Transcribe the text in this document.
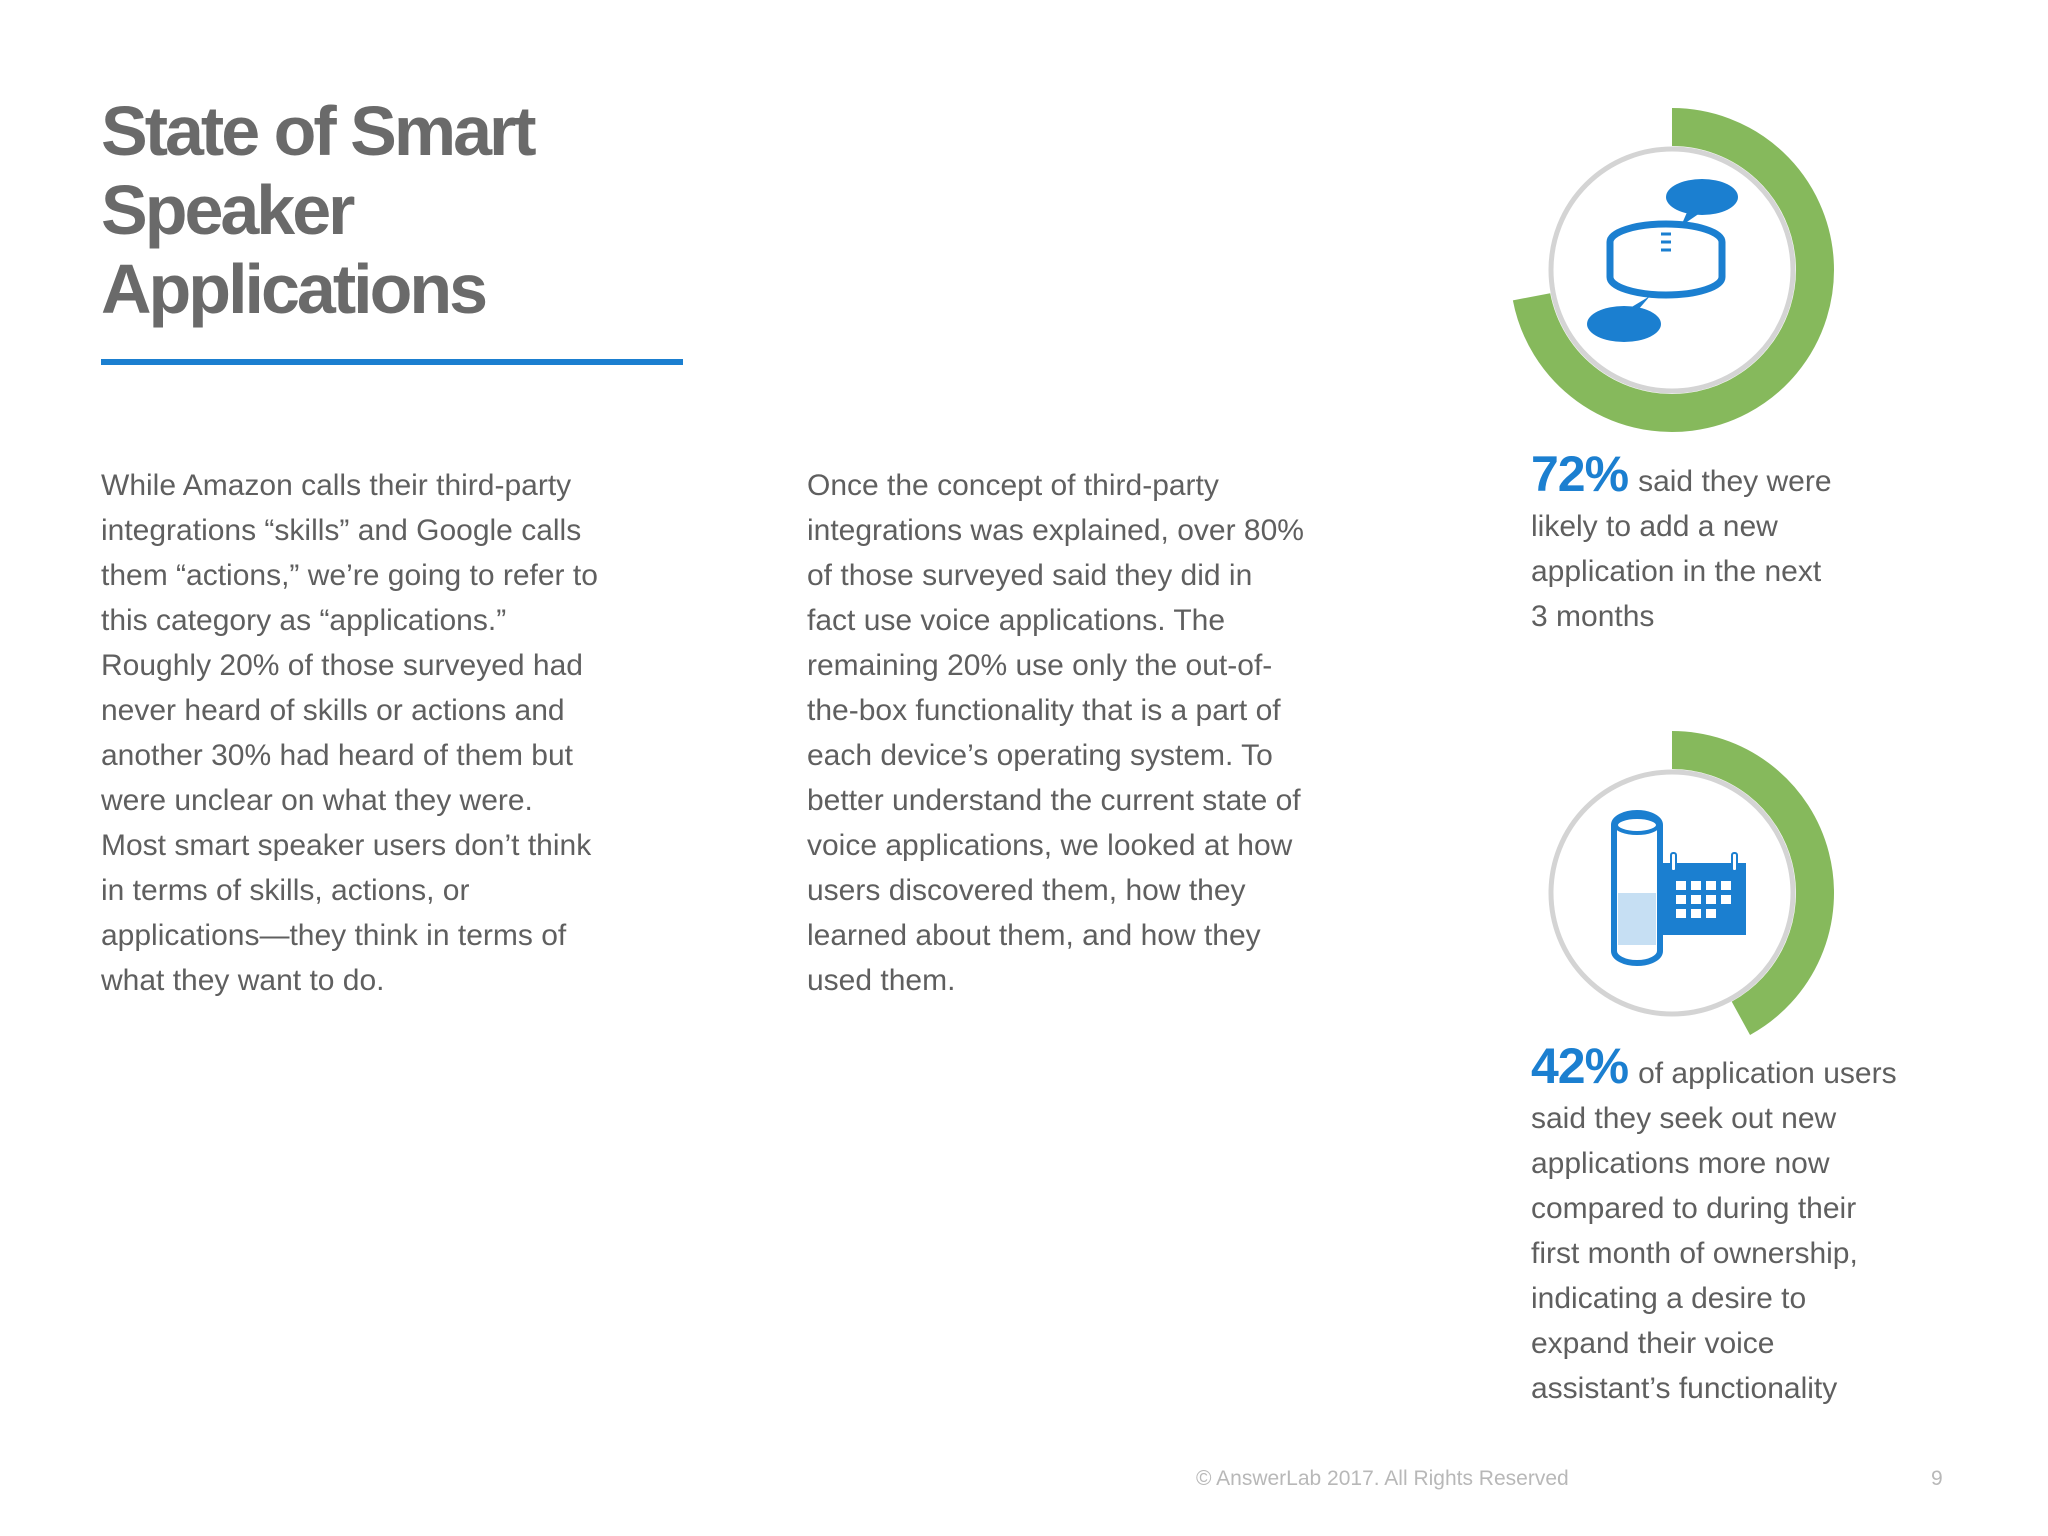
State of Smart
Speaker
Applications
While Amazon calls their third-party
integrations “skills” and Google calls
them “actions,” we’re going to refer to
this category as “applications.”
Roughly 20% of those surveyed had
never heard of skills or actions and
another 30% had heard of them but
were unclear on what they were.
Most smart speaker users don’t think
in terms of skills, actions, or
applications—they think in terms of
what they want to do.
Once the concept of third-party
integrations was explained, over 80%
of those surveyed said they did in
fact use voice applications. The
remaining 20% use only the out-of-
the-box functionality that is a part of
each device’s operating system. To
better understand the current state of
voice applications, we looked at how
users discovered them, how they
learned about them, and how they
used them.
72% said they were
likely to add a new
application in the next
3 months
42% of application users
said they seek out new
applications more now
compared to during their
first month of ownership,
indicating a desire to
expand their voice
assistant’s functionality
© AnswerLab 2017. All Rights Reserved	9
